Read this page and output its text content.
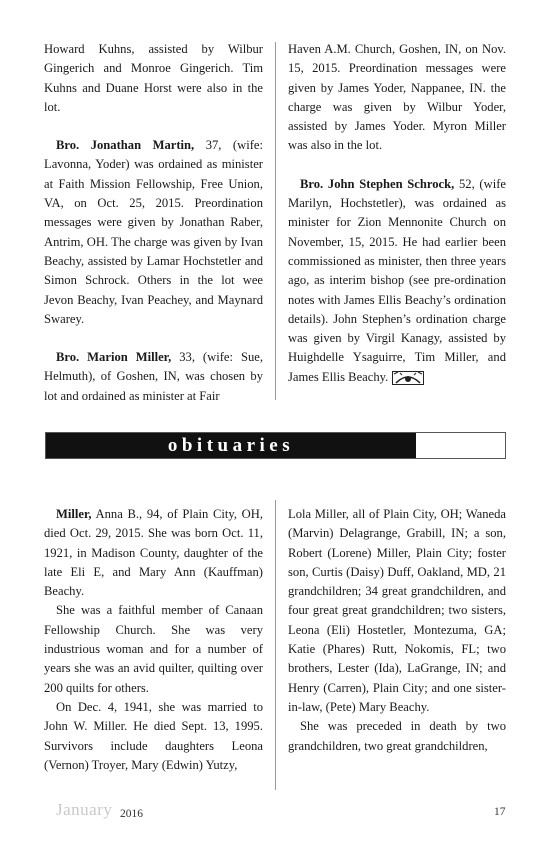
Howard Kuhns, assisted by Wilbur Gingerich and Monroe Gingerich. Tim Kuhns and Duane Horst were also in the lot.

Bro. Jonathan Martin, 37, (wife: Lavonna, Yoder) was ordained as minister at Faith Mission Fellowship, Free Union, VA, on Oct. 25, 2015. Preordination messages were given by Jonathan Raber, Antrim, OH. The charge was given by Ivan Beachy, assisted by Lamar Hochstetler and Simon Schrock. Others in the lot wee Jevon Beachy, Ivan Peachey, and Maynard Swarey.

Bro. Marion Miller, 33, (wife: Sue, Helmuth), of Goshen, IN, was chosen by lot and ordained as minister at Fair

Haven A.M. Church, Goshen, IN, on Nov. 15, 2015. Preordination messages were given by James Yoder, Nappanee, IN. the charge was given by Wilbur Yoder, assisted by James Yoder. Myron Miller was also in the lot.

Bro. John Stephen Schrock, 52, (wife Marilyn, Hochstetler), was ordained as minister for Zion Mennonite Church on November, 15, 2015. He had earlier been commissioned as minister, then three years ago, as interim bishop (see pre-ordination notes with James Ellis Beachy’s ordination details). John Stephen’s ordination charge was given by Virgil Kanagy, assisted by Huighdelle Ysaguirre, Tim Miller, and James Ellis Beachy.

obituaries

Miller, Anna B., 94, of Plain City, OH, died Oct. 29, 2015. She was born Oct. 11, 1921, in Madison County, daughter of the late Eli E, and Mary Ann (Kauffman) Beachy.

She was a faithful member of Canaan Fellowship Church. She was very industrious woman and for a number of years she was an avid quilter, quilting over 200 quilts for others.

On Dec. 4, 1941, she was married to John W. Miller. He died Sept. 13, 1995. Survivors include daughters Leona (Vernon) Troyer, Mary (Edwin) Yutzy,

Lola Miller, all of Plain City, OH; Waneda (Marvin) Delagrange, Grabill, IN; a son, Robert (Lorene) Miller, Plain City; foster son, Curtis (Daisy) Duff, Oakland, MD, 21 grandchildren; 34 great grandchildren, and four great great grandchildren; two sisters, Leona (Eli) Hostetler, Montezuma, GA; Katie (Phares) Rutt, Nokomis, FL; two brothers, Lester (Ida), LaGrange, IN; and Henry (Carren), Plain City; and one sister-in-law, (Pete) Mary Beachy.

She was preceded in death by two grandchildren, two great grandchildren,

January 2016	17
